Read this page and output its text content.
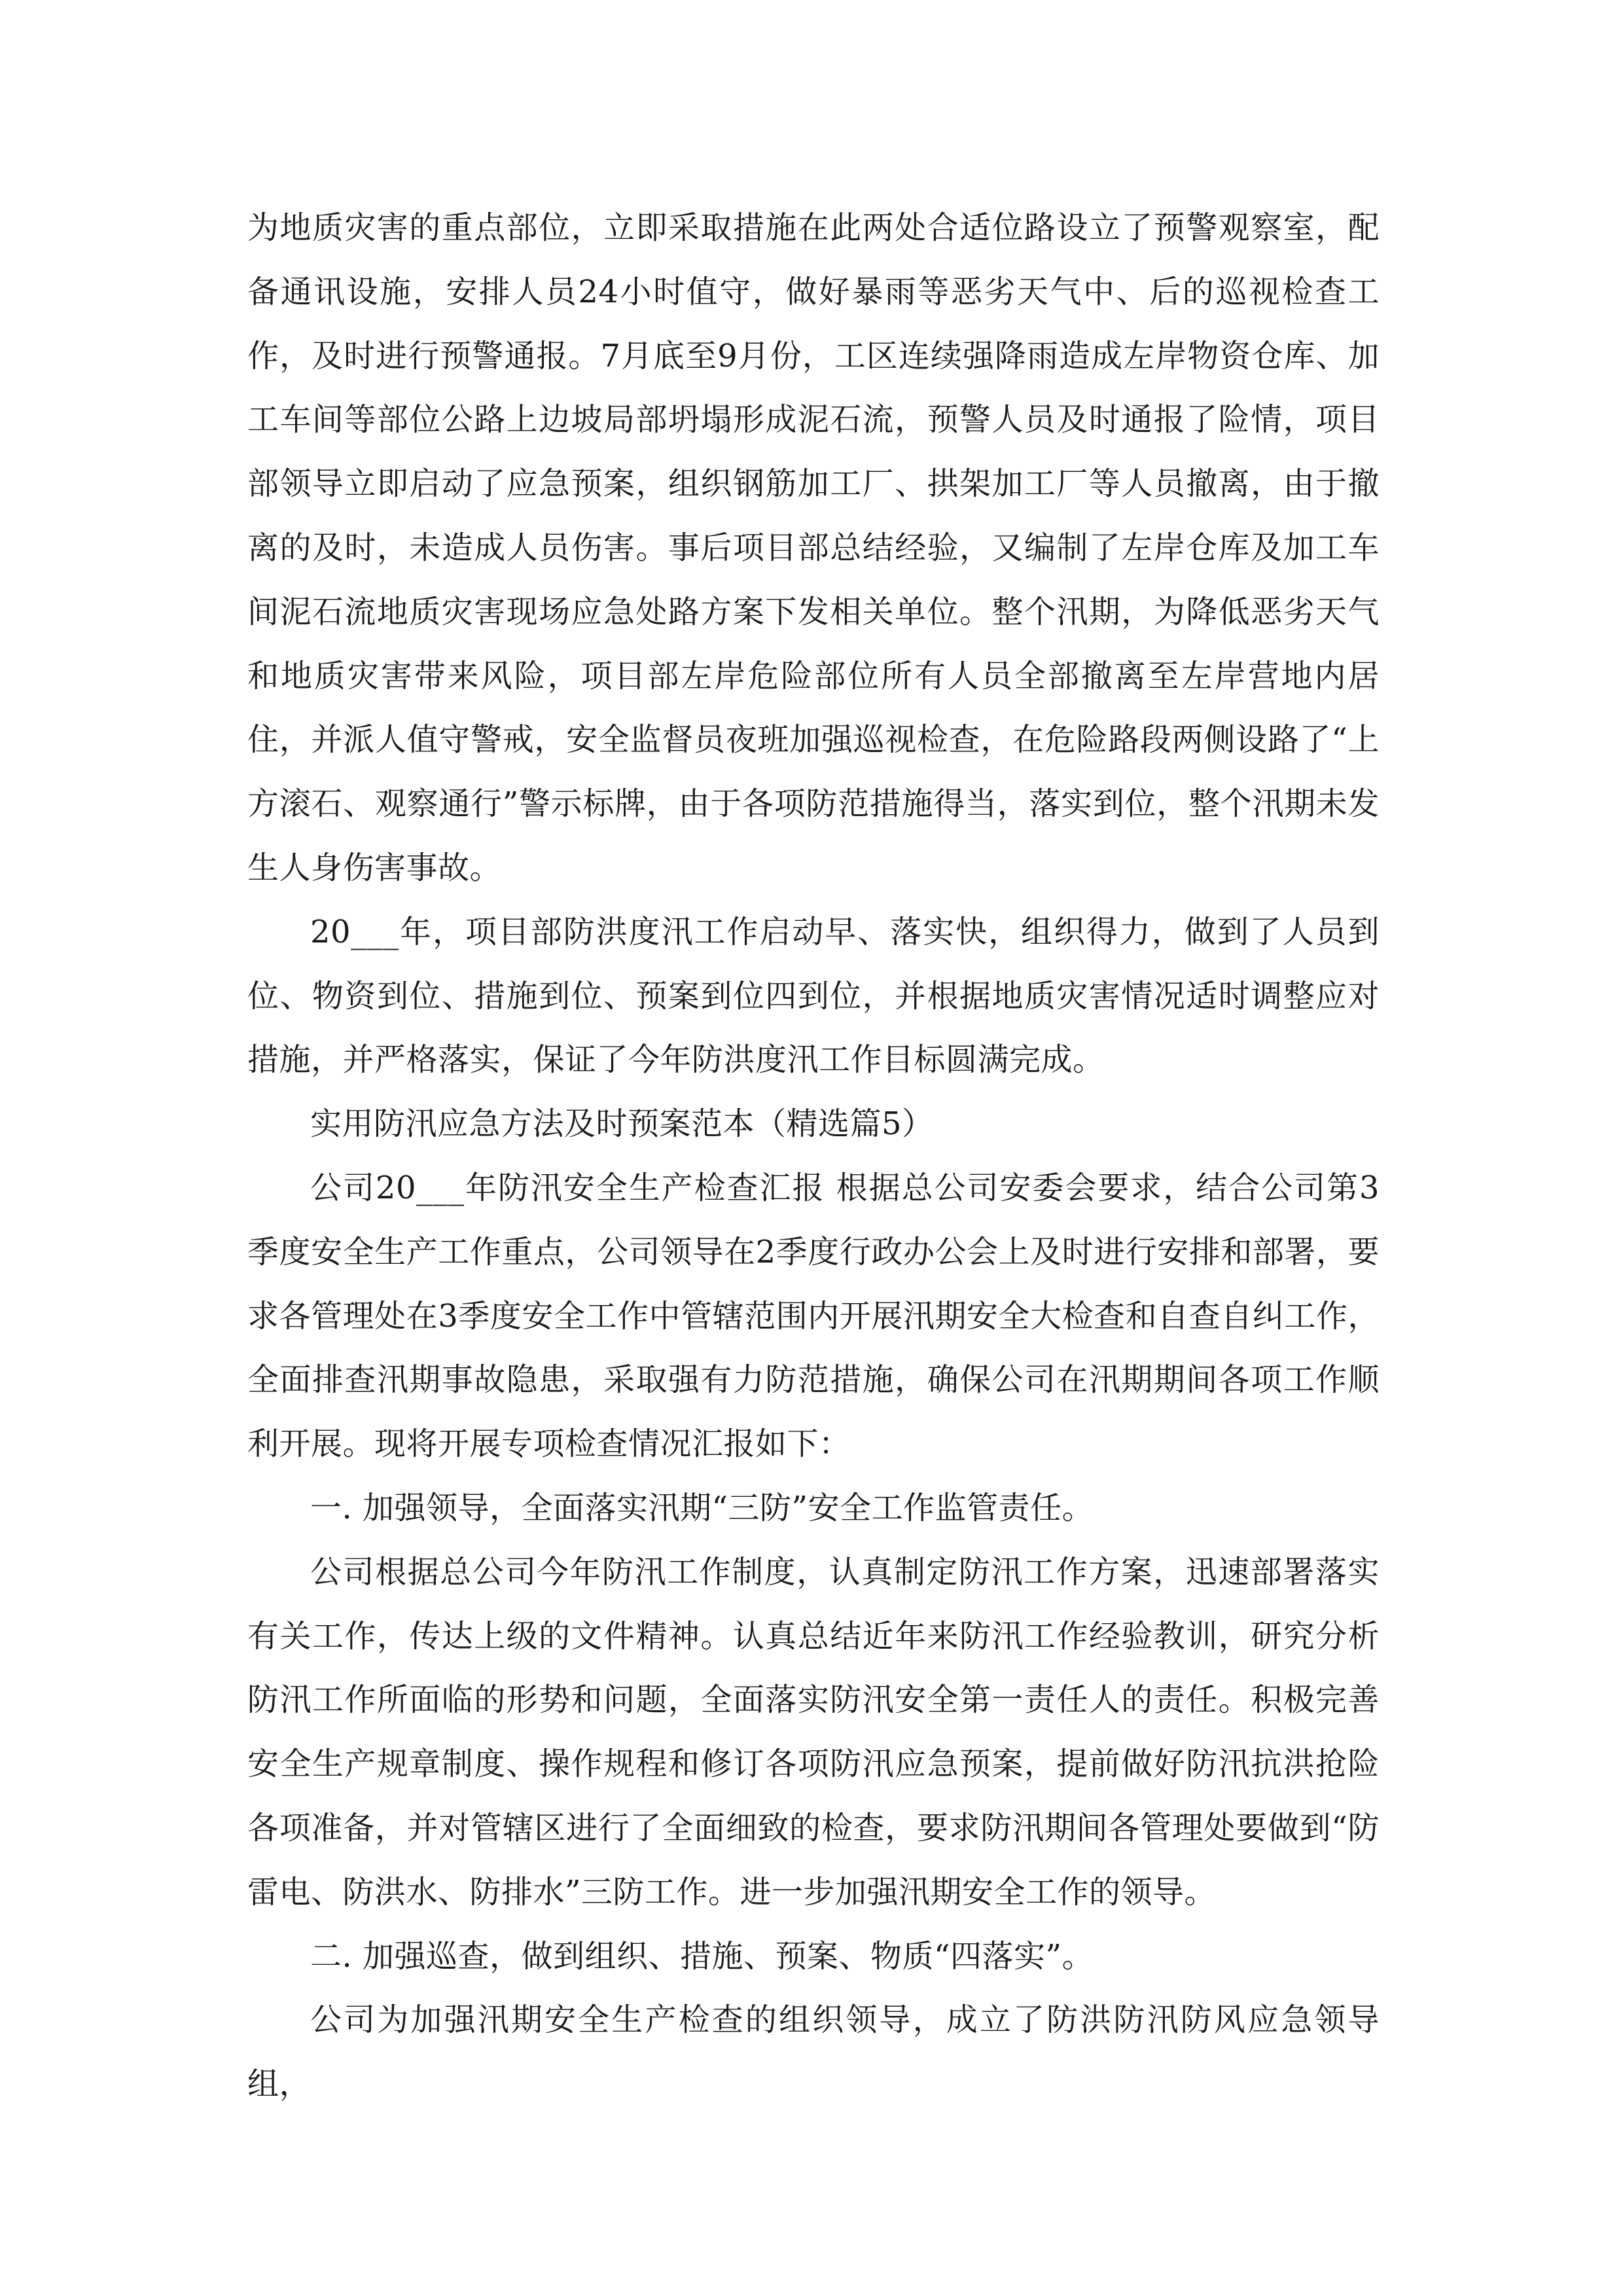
为地质灾害的重点部位，立即采取措施在此两处合适位路设立了预警观察室，配备通讯设施，安排人员24小时值守，做好暴雨等恶劣天气中、后的巡视检查工作，及时进行预警通报。7月底至9月份，工区连续强降雨造成左岸物资仓库、加工车间等部位公路上边坡局部坍塌形成泥石流，预警人员及时通报了险情，项目部领导立即启动了应急预案，组织钢筋加工厂、拱架加工厂等人员撤离，由于撤离的及时，未造成人员伤害。事后项目部总结经验，又编制了左岸仓库及加工车间泥石流地质灾害现场应急处路方案下发相关单位。整个汛期，为降低恶劣天气和地质灾害带来风险，项目部左岸危险部位所有人员全部撤离至左岸营地内居住，并派人值守警戒，安全监督员夜班加强巡视检查，在危险路段两侧设路了“上方滚石、观察通行”警示标牌，由于各项防范措施得当，落实到位，整个汛期未发生人身伤害事故。

20___年，项目部防洪度汛工作启动早、落实快，组织得力，做到了人员到位、物资到位、措施到位、预案到位四到位，并根据地质灾害情况适时调整应对措施，并严格落实，保证了今年防洪度汛工作目标圆满完成。

实用防汛应急方法及时预案范本（精选篇5）

公司20___年防汛安全生产检查汇报 根据总公司安委会要求，结合公司第3季度安全生产工作重点，公司领导在2季度行政办公会上及时进行安排和部署，要求各管理处在3季度安全工作中管辖范围内开展汛期安全大检查和自查自纠工作，全面排查汛期事故隐患，采取强有力防范措施，确保公司在汛期期间各项工作顺利开展。现将开展专项检查情况汇报如下：

一. 加强领导，全面落实汛期“三防”安全工作监管责任。

公司根据总公司今年防汛工作制度，认真制定防汛工作方案，迅速部署落实有关工作，传达上级的文件精神。认真总结近年来防汛工作经验教训，研究分析防汛工作所面临的形势和问题，全面落实防汛安全第一责任人的责任。积极完善安全生产规章制度、操作规程和修订各项防汛应急预案，提前做好防汛抗洪抢险各项准备，并对管辖区进行了全面细致的检查，要求防汛期间各管理处要做到“防雷电、防洪水、防排水”三防工作。进一步加强汛期安全工作的领导。

二. 加强巡查，做到组织、措施、预案、物质“四落实”。

公司为加强汛期安全生产检查的组织领导，成立了防洪防汛防风应急领导组，
